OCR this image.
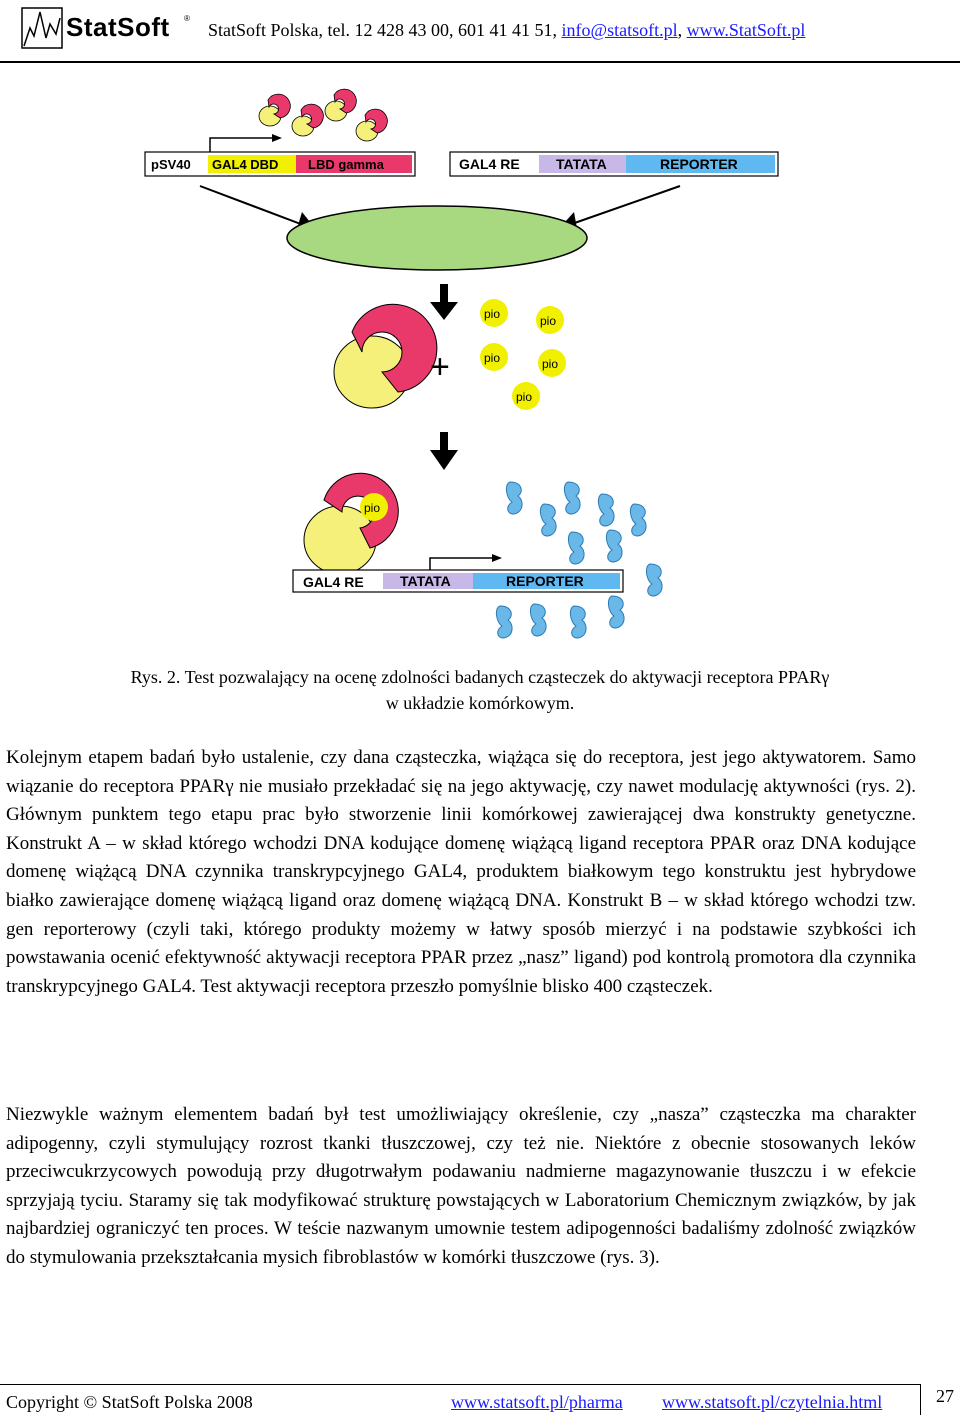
StatSoft ®
StatSoft Polska, tel. 12 428 43 00, 601 41 41 51, info@statsoft.pl, www.StatSoft.pl
pSV40 GAL4 DBD LBD gamma	GAL4 RE	TATATA	REPORTER
+
pio	pio
pio	pio
pio
pio
GAL4 RE	TATATA	REPORTER
Rys. 2. Test pozwalający na ocenę zdolności badanych cząsteczek do aktywacji receptora PPARγ
w układzie komórkowym.
Kolejnym etapem badań było ustalenie, czy dana cząsteczka, wiążąca się do receptora, jest jego aktywatorem. Samo wiązanie do receptora PPARγ nie musiało przekładać się na jego aktywację, czy nawet modulację aktywności (rys. 2). Głównym punktem tego etapu prac było stworzenie linii komórkowej zawierającej dwa konstrukty genetyczne. Konstrukt A – w skład którego wchodzi DNA kodujące domenę wiążącą ligand receptora PPAR oraz DNA kodujące domenę wiążącą DNA czynnika transkrypcyjnego GAL4, produktem białkowym tego konstruktu jest hybrydowe białko zawierające domenę wiążącą ligand oraz domenę wiążącą DNA. Konstrukt B – w skład którego wchodzi tzw. gen reporterowy (czyli taki, którego produkty możemy w łatwy sposób mierzyć i na podstawie szybkości ich powstawania ocenić efektywność aktywacji receptora PPAR przez „nasz” ligand) pod kontrolą promotora dla czynnika transkrypcyjnego GAL4. Test aktywacji receptora przeszło pomyślnie blisko 400 cząsteczek.
Niezwykle ważnym elementem badań był test umożliwiający określenie, czy „nasza” cząsteczka ma charakter adipogenny, czyli stymulujący rozrost tkanki tłuszczowej, czy też nie. Niektóre z obecnie stosowanych leków przeciwcukrzycowych powodują przy długotrwałym podawaniu nadmierne magazynowanie tłuszczu i w efekcie sprzyjają tyciu. Staramy się tak modyfikować strukturę powstających w Laboratorium Chemicznym związków, by jak najbardziej ograniczyć ten proces. W teście nazwanym umownie testem adipogenności badaliśmy zdolność związków do stymulowania przekształcania mysich fibroblastów w komórki tłuszczowe (rys. 3).
Copyright © StatSoft Polska 2008	www.statsoft.pl/pharma www.statsoft.pl/czytelnia.html	27
